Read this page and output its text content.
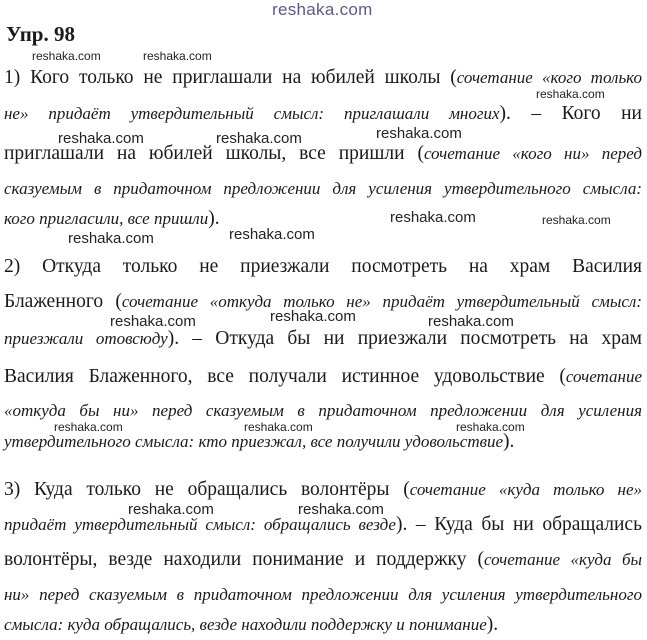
reshaka.com
Упр. 98
reshaka.com	reshaka.com
reshaka.com
reshaka.com	reshaka.com	reshaka.com
reshaka.com	reshaka.com
reshaka.com	reshaka.com
reshaka.com	reshaka.com	reshaka.com
reshaka.com	reshaka.com	reshaka.com
reshaka.com	reshaka.com
1) Кого только не приглашали на юбилей школы (сочетание «кого только
не» придаёт утвердительный смысл: приглашали многих). – Кого ни
приглашали на юбилей школы, все пришли (сочетание «кого ни» перед
сказуемым в придаточном предложении для усиления утвердительного смысла:
кого пригласили, все пришли).
2) Откуда только не приезжали посмотреть на храм Василия
Блаженного (сочетание «откуда только не» придаёт утвердительный смысл:
приезжали отовсюду). – Откуда бы ни приезжали посмотреть на храм
Василия Блаженного, все получали истинное удовольствие (сочетание
«откуда бы ни» перед сказуемым в придаточном предложении для усиления
утвердительного смысла: кто приезжал, все получили удовольствие).
3) Куда только не обращались волонтёры (сочетание «куда только не»
придаёт утвердительный смысл: обращались везде). – Куда бы ни обращались
волонтёры, везде находили понимание и поддержку (сочетание «куда бы
ни» перед сказуемым в придаточном предложении для усиления утвердительного
смысла: куда обращались, везде находили поддержку и понимание).
